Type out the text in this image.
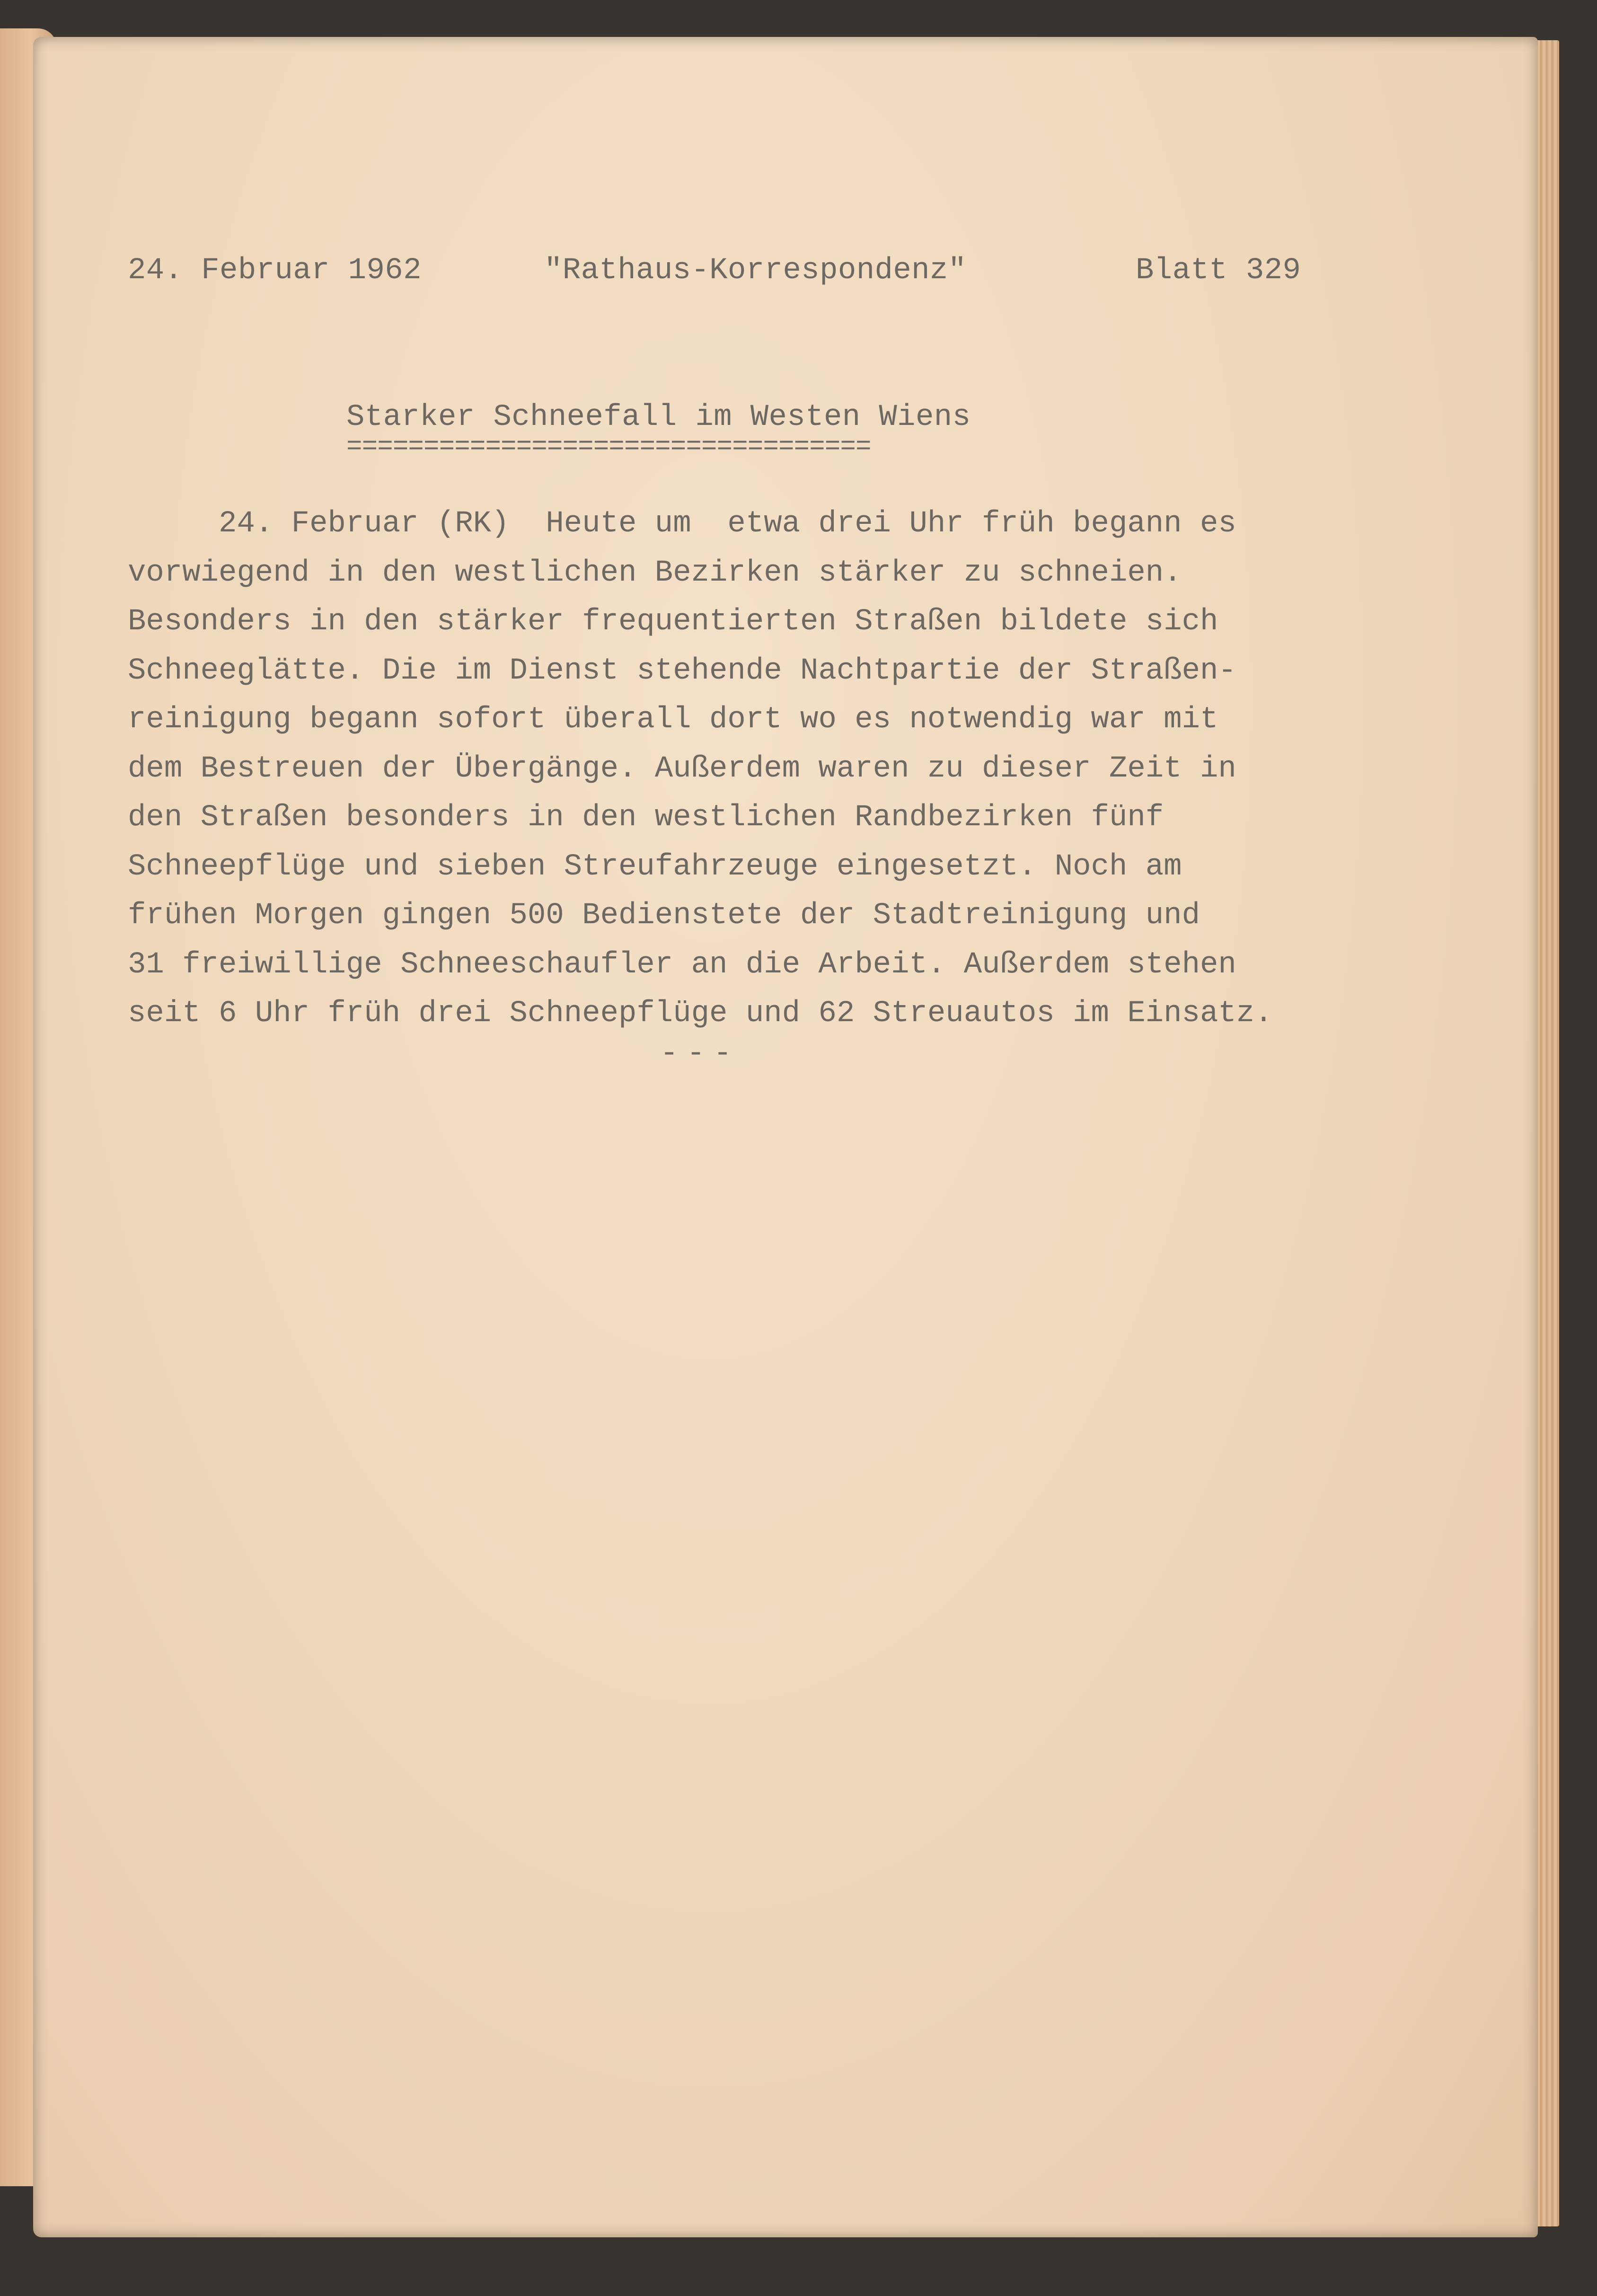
24. Februar 1962	"Rathaus-Korrespondenz"	Blatt 329
Starker Schneefall im Westen Wiens
==================================
24. Februar (RK)  Heute um  etwa drei Uhr früh begann es
vorwiegend in den westlichen Bezirken stärker zu schneien.
Besonders in den stärker frequentierten Straßen bildete sich
Schneeglätte. Die im Dienst stehende Nachtpartie der Straßen-
reinigung begann sofort überall dort wo es notwendig war mit
dem Bestreuen der Übergänge. Außerdem waren zu dieser Zeit in
den Straßen besonders in den westlichen Randbezirken fünf
Schneepflüge und sieben Streufahrzeuge eingesetzt. Noch am
frühen Morgen gingen 500 Bedienstete der Stadtreinigung und
31 freiwillige Schneeschaufler an die Arbeit. Außerdem stehen
seit 6 Uhr früh drei Schneepflüge und 62 Streuautos im Einsatz.
---
